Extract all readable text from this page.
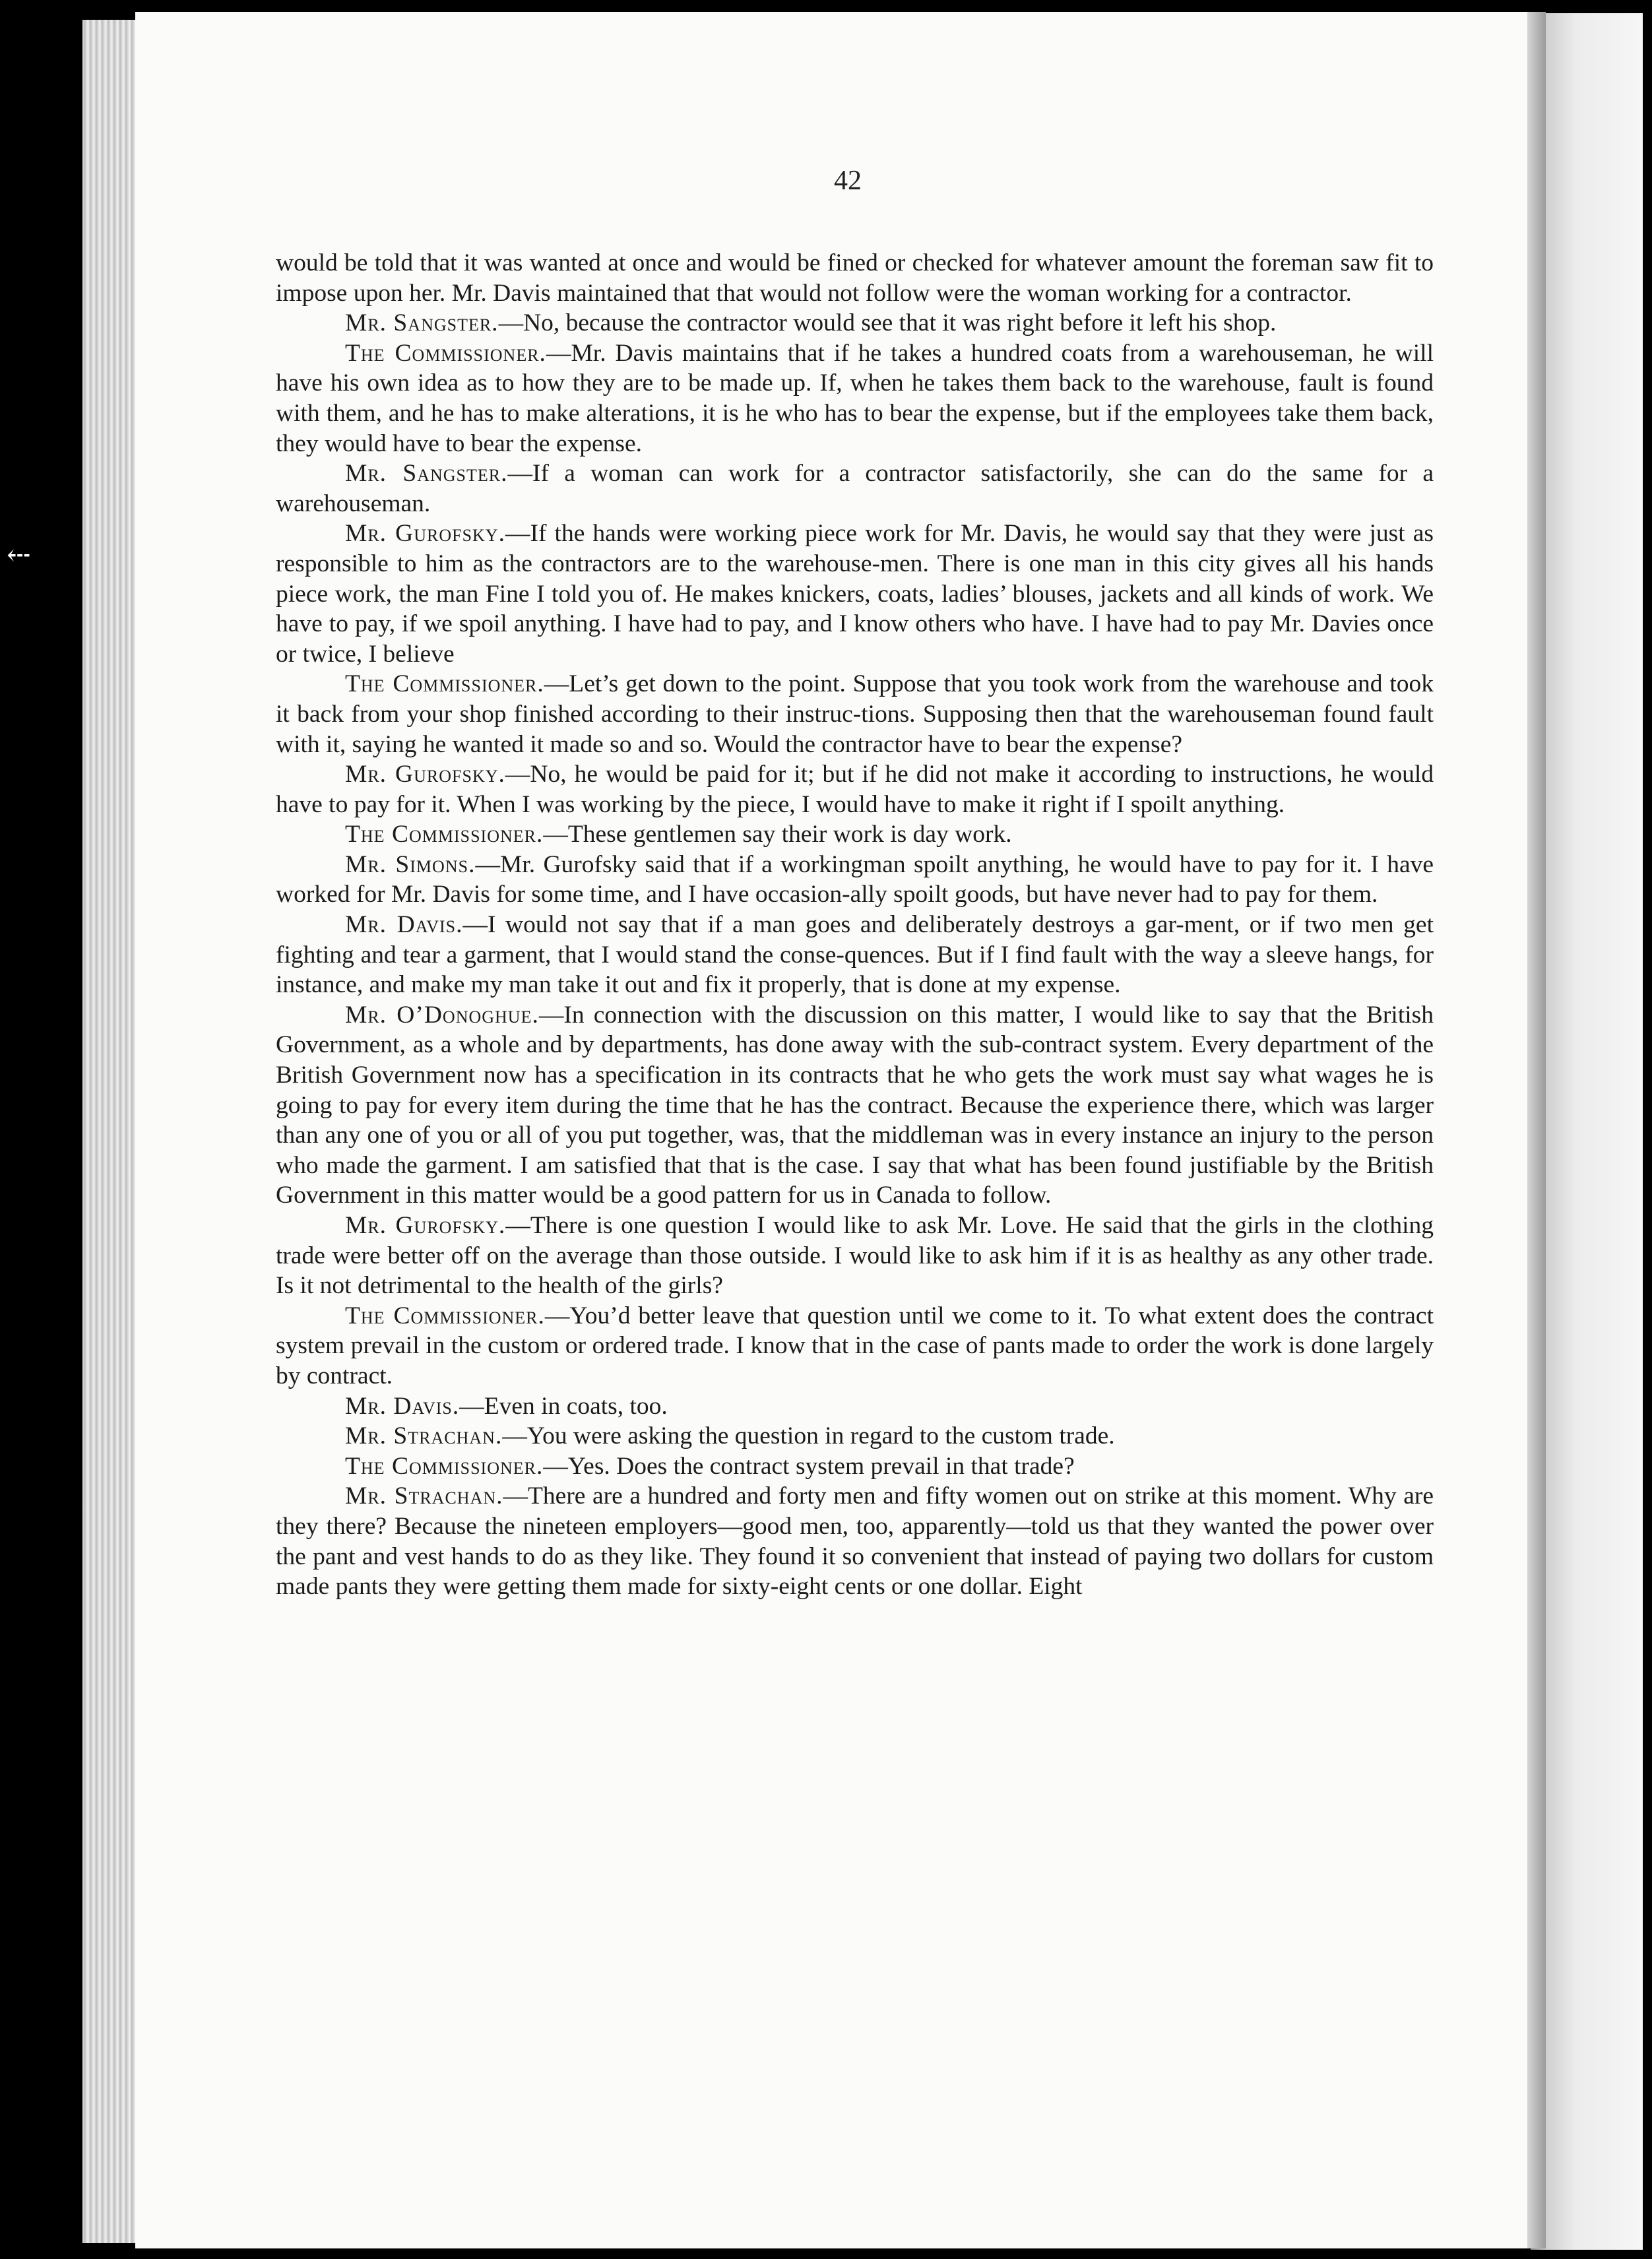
⤎
42

would be told that it was wanted at once and would be fined or checked for whatever amount the foreman saw fit to impose upon her. Mr. Davis maintained that that would not follow were the woman working for a contractor.

Mr. Sangster.—No, because the contractor would see that it was right before it left his shop.

The Commissioner.—Mr. Davis maintains that if he takes a hundred coats from a warehouseman, he will have his own idea as to how they are to be made up. If, when he takes them back to the warehouse, fault is found with them, and he has to make alterations, it is he who has to bear the expense, but if the employees take them back, they would have to bear the expense.

Mr. Sangster.—If a woman can work for a contractor satisfactorily, she can do the same for a warehouseman.

Mr. Gurofsky.—If the hands were working piece work for Mr. Davis, he would say that they were just as responsible to him as the contractors are to the warehouse-men. There is one man in this city gives all his hands piece work, the man Fine I told you of. He makes knickers, coats, ladies’ blouses, jackets and all kinds of work. We have to pay, if we spoil anything. I have had to pay, and I know others who have. I have had to pay Mr. Davies once or twice, I believe

The Commissioner.—Let’s get down to the point. Suppose that you took work from the warehouse and took it back from your shop finished according to their instruc-tions. Supposing then that the warehouseman found fault with it, saying he wanted it made so and so. Would the contractor have to bear the expense?

Mr. Gurofsky.—No, he would be paid for it; but if he did not make it according to instructions, he would have to pay for it. When I was working by the piece, I would have to make it right if I spoilt anything.

The Commissioner.—These gentlemen say their work is day work.

Mr. Simons.—Mr. Gurofsky said that if a workingman spoilt anything, he would have to pay for it. I have worked for Mr. Davis for some time, and I have occasion-ally spoilt goods, but have never had to pay for them.

Mr. Davis.—I would not say that if a man goes and deliberately destroys a gar-ment, or if two men get fighting and tear a garment, that I would stand the conse-quences. But if I find fault with the way a sleeve hangs, for instance, and make my man take it out and fix it properly, that is done at my expense.

Mr. O’Donoghue.—In connection with the discussion on this matter, I would like to say that the British Government, as a whole and by departments, has done away with the sub-contract system. Every department of the British Government now has a specification in its contracts that he who gets the work must say what wages he is going to pay for every item during the time that he has the contract. Because the experience there, which was larger than any one of you or all of you put together, was, that the middleman was in every instance an injury to the person who made the garment. I am satisfied that that is the case. I say that what has been found justifiable by the British Government in this matter would be a good pattern for us in Canada to follow.

Mr. Gurofsky.—There is one question I would like to ask Mr. Love. He said that the girls in the clothing trade were better off on the average than those outside. I would like to ask him if it is as healthy as any other trade. Is it not detrimental to the health of the girls?

The Commissioner.—You’d better leave that question until we come to it. To what extent does the contract system prevail in the custom or ordered trade. I know that in the case of pants made to order the work is done largely by contract.

Mr. Davis.—Even in coats, too.

Mr. Strachan.—You were asking the question in regard to the custom trade.

The Commissioner.—Yes. Does the contract system prevail in that trade?

Mr. Strachan.—There are a hundred and forty men and fifty women out on strike at this moment. Why are they there? Because the nineteen employers—good men, too, apparently—told us that they wanted the power over the pant and vest hands to do as they like. They found it so convenient that instead of paying two dollars for custom made pants they were getting them made for sixty-eight cents or one dollar. Eight
